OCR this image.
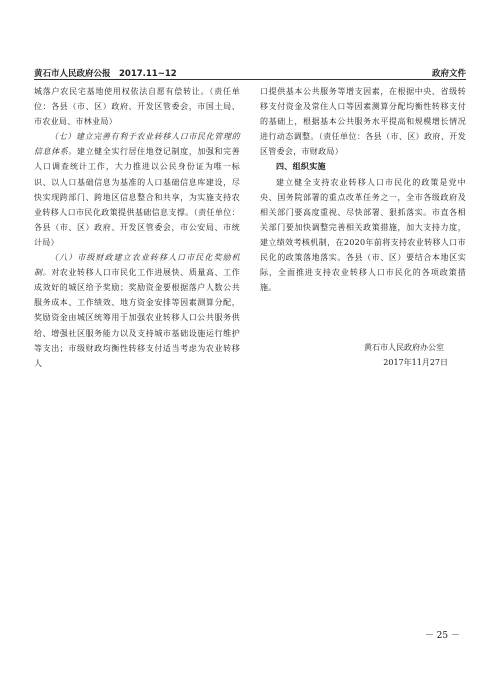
黄石市人民政府公报　2017.11~12	政府文件

城落户农民宅基地使用权依法自愿有偿转让。（责任单位：各县（市、区）政府、开发区管委会，市国土局、市农业局、市林业局）

（七）建立完善有利于农业转移人口市民化管理的信息体系。建立健全实行居住地登记制度，加强和完善人口调查统计工作，大力推进以公民身份证为唯一标识、以人口基础信息为基准的人口基础信息库建设，尽快实现跨部门、跨地区信息整合和共享，为实施支持农业转移人口市民化政策提供基础信息支撑。（责任单位：各县（市、区）政府、开发区管委会，市公安局、市统计局）

（八）市级财政建立农业转移人口市民化奖励机制。对农业转移人口市民化工作进展快、质量高、工作成效好的城区给予奖励；奖励资金要根据落户人数公共服务成本、工作绩效、地方资金安排等因素测算分配，奖励资金由城区统筹用于加强农业转移人口公共服务供给、增强社区服务能力以及支持城市基础设施运行维护等支出；市级财政均衡性转移支付适当考虑为农业转移人

口提供基本公共服务等增支因素，在根据中央、省级转移支付资金及常住人口等因素测算分配均衡性转移支付的基础上，根据基本公共服务水平提高和规模增长情况进行动态调整。（责任单位：各县（市、区）政府、开发区管委会，市财政局）

四、组织实施

建立健全支持农业转移人口市民化的政策是党中央、国务院部署的重点改革任务之一，全市各级政府及相关部门要高度重视、尽快部署、狠抓落实。市直各相关部门要加快调整完善相关政策措施，加大支持力度，建立绩效考核机制，在2020年前将支持农业转移人口市民化的政策落地落实。各县（市、区）要结合本地区实际，全面推进支持农业转移人口市民化的各项政策措施。

黄石市人民政府办公室
2017年11月27日
－ 25 －
